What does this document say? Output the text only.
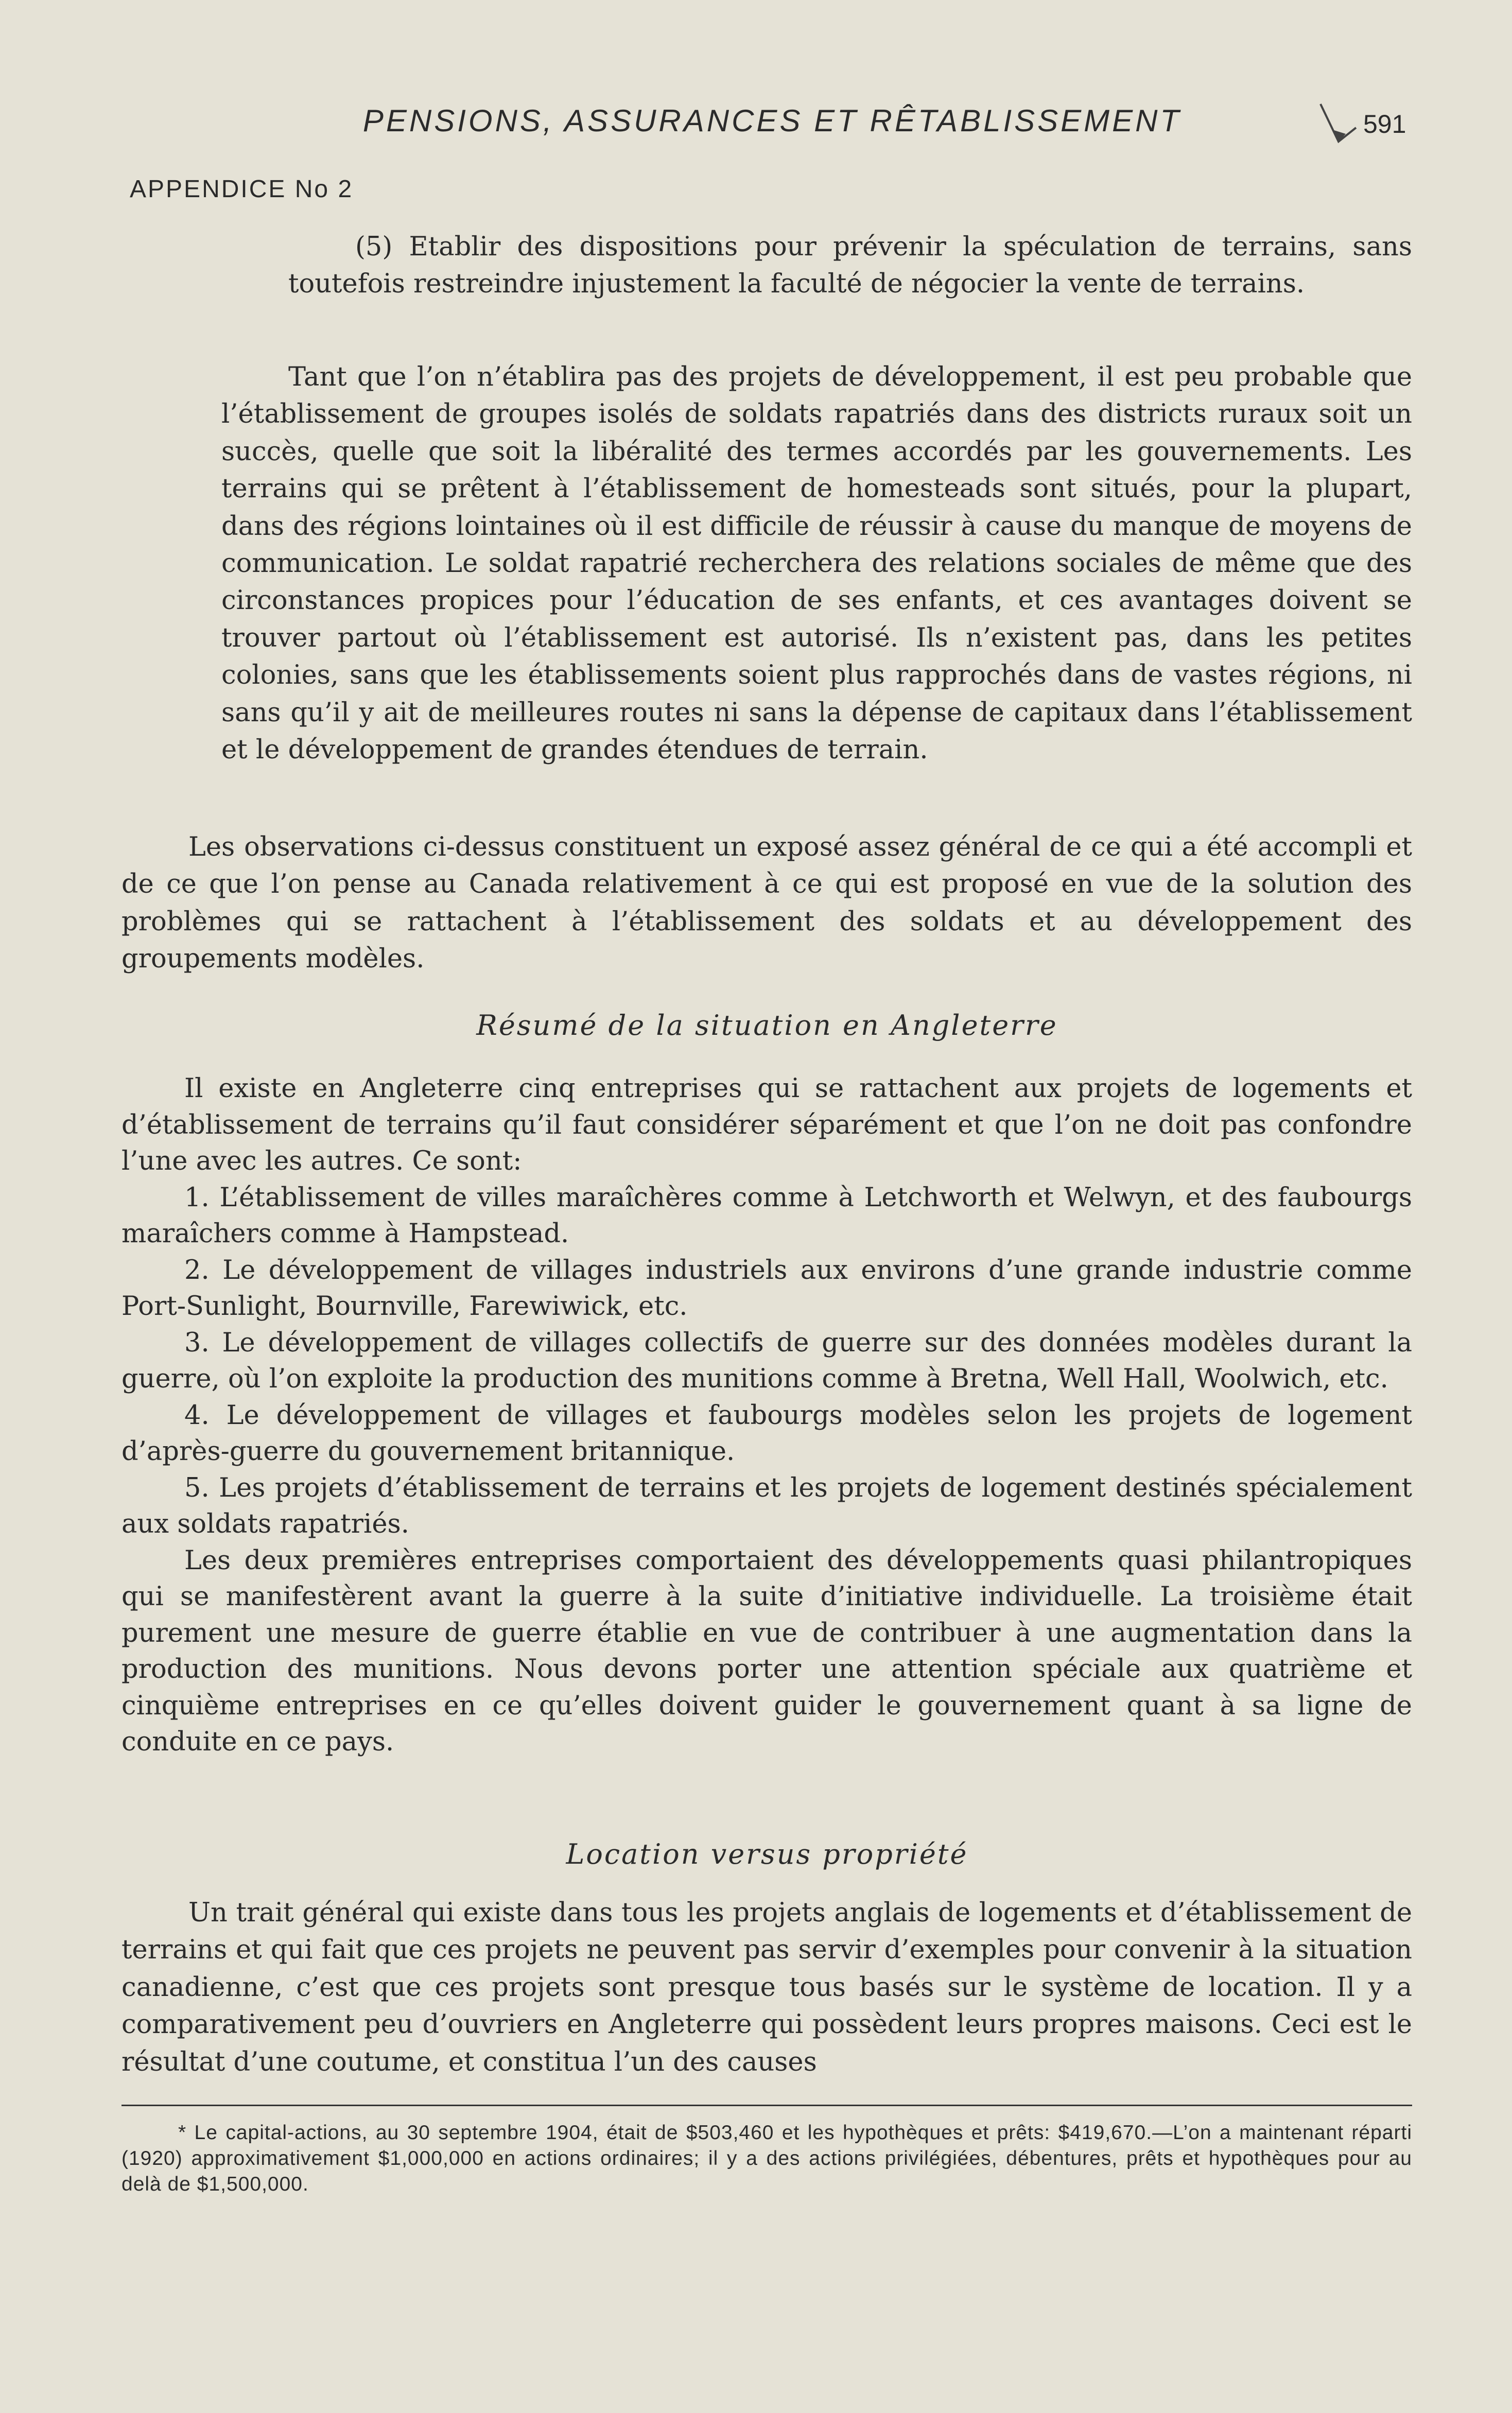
PENSIONS, ASSURANCES ET RÊTABLISSEMENT	591
APPENDICE No 2

(5) Etablir des dispositions pour prévenir la spéculation de terrains, sans toutefois restreindre injustement la faculté de négocier la vente de terrains.

Tant que l’on n’établira pas des projets de développement, il est peu probable que l’établissement de groupes isolés de soldats rapatriés dans des districts ruraux soit un succès, quelle que soit la libéralité des termes accordés par les gouvernements. Les terrains qui se prêtent à l’établissement de homesteads sont situés, pour la plupart, dans des régions lointaines où il est difficile de réussir à cause du manque de moyens de communication. Le soldat rapatrié recherchera des relations sociales de même que des circonstances propices pour l’éducation de ses enfants, et ces avantages doivent se trouver partout où l’établissement est autorisé. Ils n’existent pas, dans les petites colonies, sans que les établissements soient plus rapprochés dans de vastes régions, ni sans qu’il y ait de meilleures routes ni sans la dépense de capitaux dans l’établissement et le développement de grandes étendues de terrain.

Les observations ci-dessus constituent un exposé assez général de ce qui a été accompli et de ce que l’on pense au Canada relativement à ce qui est proposé en vue de la solution des problèmes qui se rattachent à l’établissement des soldats et au développement des groupements modèles.

Résumé de la situation en Angleterre

Il existe en Angleterre cinq entreprises qui se rattachent aux projets de logements et d’établissement de terrains qu’il faut considérer séparément et que l’on ne doit pas confondre l’une avec les autres. Ce sont:

1. L’établissement de villes maraîchères comme à Letchworth et Welwyn, et des faubourgs maraîchers comme à Hampstead.

2. Le développement de villages industriels aux environs d’une grande industrie comme Port-Sunlight, Bournville, Farewiwick, etc.

3. Le développement de villages collectifs de guerre sur des données modèles durant la guerre, où l’on exploite la production des munitions comme à Bretna, Well Hall, Woolwich, etc.

4. Le développement de villages et faubourgs modèles selon les projets de logement d’après-guerre du gouvernement britannique.

5. Les projets d’établissement de terrains et les projets de logement destinés spécialement aux soldats rapatriés.

Les deux premières entreprises comportaient des développements quasi philantropiques qui se manifestèrent avant la guerre à la suite d’initiative individuelle. La troisième était purement une mesure de guerre établie en vue de contribuer à une augmentation dans la production des munitions. Nous devons porter une attention spéciale aux quatrième et cinquième entreprises en ce qu’elles doivent guider le gouvernement quant à sa ligne de conduite en ce pays.

Location versus propriété

Un trait général qui existe dans tous les projets anglais de logements et d’établissement de terrains et qui fait que ces projets ne peuvent pas servir d’exemples pour convenir à la situation canadienne, c’est que ces projets sont presque tous basés sur le système de location. Il y a comparativement peu d’ouvriers en Angleterre qui possèdent leurs propres maisons. Ceci est le résultat d’une coutume, et constitua l’un des causes

* Le capital-actions, au 30 septembre 1904, était de $503,460 et les hypothèques et prêts: $419,670.—L’on a maintenant réparti (1920) approximativement $1,000,000 en actions ordinaires; il y a des actions privilégiées, débentures, prêts et hypothèques pour au delà de $1,500,000.
